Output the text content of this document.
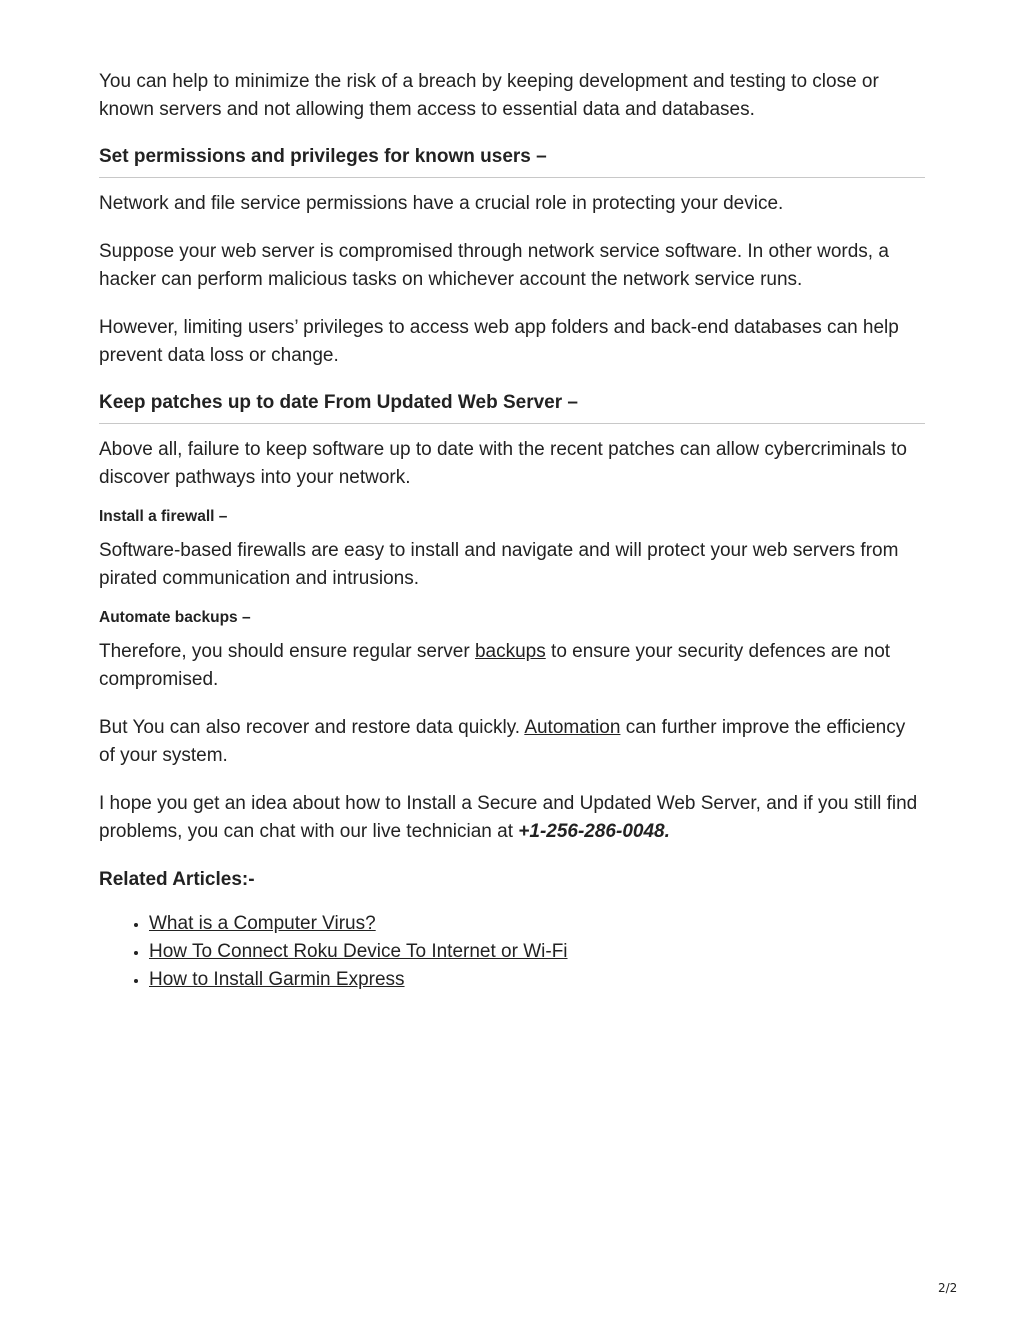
You can help to minimize the risk of a breach by keeping development and testing to close or known servers and not allowing them access to essential data and databases.

Set permissions and privileges for known users –

Network and file service permissions have a crucial role in protecting your device.

Suppose your web server is compromised through network service software. In other words, a hacker can perform malicious tasks on whichever account the network service runs.

However, limiting users’ privileges to access web app folders and back-end databases can help prevent data loss or change.

Keep patches up to date From Updated Web Server –

Above all, failure to keep software up to date with the recent patches can allow cybercriminals to discover pathways into your network.

Install a firewall –

Software-based firewalls are easy to install and navigate and will protect your web servers from pirated communication and intrusions.

Automate backups –

Therefore, you should ensure regular server backups to ensure your security defences are not compromised.

But You can also recover and restore data quickly. Automation can further improve the efficiency of your system.

I hope you get an idea about how to Install a Secure and Updated Web Server, and if you still find problems, you can chat with our live technician at +1-256-286-0048.

Related Articles:-
• What is a Computer Virus?
• How To Connect Roku Device To Internet or Wi-Fi
• How to Install Garmin Express
2/2
